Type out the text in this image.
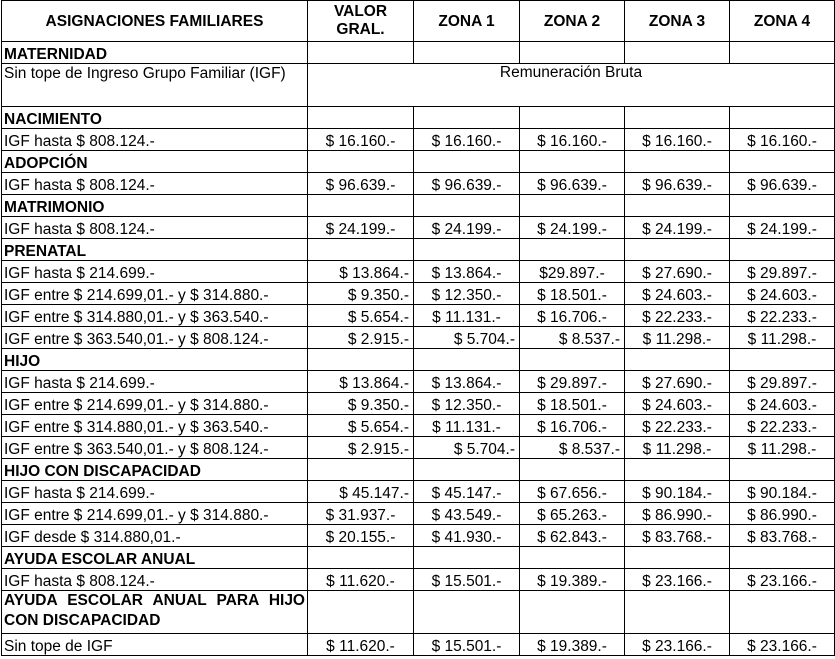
ASIGNACIONES FAMILIARES	VALOR GRAL.	ZONA 1	ZONA 2	ZONA 3	ZONA 4
MATERNIDAD					
Sin tope de Ingreso Grupo Familiar (IGF)	Remuneración Bruta				
NACIMIENTO					
IGF hasta $ 808.124.-	$ 16.160.-	$ 16.160.-	$ 16.160.-	$ 16.160.-	$ 16.160.-
ADOPCIÓN					
IGF hasta $ 808.124.-	$ 96.639.-	$ 96.639.-	$ 96.639.-	$ 96.639.-	$ 96.639.-
MATRIMONIO					
IGF hasta $ 808.124.-	$ 24.199.-	$ 24.199.-	$ 24.199.-	$ 24.199.-	$ 24.199.-
PRENATAL					
IGF hasta $ 214.699.-	$ 13.864.-	$ 13.864.-	$29.897.-	$ 27.690.-	$ 29.897.-
IGF entre $ 214.699,01.- y $ 314.880.-	$ 9.350.-	$ 12.350.-	$ 18.501.-	$ 24.603.-	$ 24.603.-
IGF entre $ 314.880,01.- y $ 363.540.-	$ 5.654.-	$ 11.131.-	$ 16.706.-	$ 22.233.-	$ 22.233.-
IGF entre $ 363.540,01.- y $ 808.124.-	$ 2.915.-	$ 5.704.-	$ 8.537.-	$ 11.298.-	$ 11.298.-
HIJO					
IGF hasta $ 214.699.-	$ 13.864.-	$ 13.864.-	$ 29.897.-	$ 27.690.-	$ 29.897.-
IGF entre $ 214.699,01.- y $ 314.880.-	$ 9.350.-	$ 12.350.-	$ 18.501.-	$ 24.603.-	$ 24.603.-
IGF entre $ 314.880,01.- y $ 363.540.-	$ 5.654.-	$ 11.131.-	$ 16.706.-	$ 22.233.-	$ 22.233.-
IGF entre $ 363.540,01.- y $ 808.124.-	$ 2.915.-	$ 5.704.-	$ 8.537.-	$ 11.298.-	$ 11.298.-
HIJO CON DISCAPACIDAD					
IGF hasta $ 214.699.-	$ 45.147.-	$ 45.147.-	$ 67.656.-	$ 90.184.-	$ 90.184.-
IGF entre $ 214.699,01.- y $ 314.880.-	$ 31.937.-	$ 43.549.-	$ 65.263.-	$ 86.990.-	$ 86.990.-
IGF desde $ 314.880,01.-	$ 20.155.-	$ 41.930.-	$ 62.843.-	$ 83.768.-	$ 83.768.-
AYUDA ESCOLAR ANUAL					
IGF hasta $ 808.124.-	$ 11.620.-	$ 15.501.-	$ 19.389.-	$ 23.166.-	$ 23.166.-
AYUDA ESCOLAR ANUAL PARA HIJO CON DISCAPACIDAD					
Sin tope de IGF	$ 11.620.-	$ 15.501.-	$ 19.389.-	$ 23.166.-	$ 23.166.-
